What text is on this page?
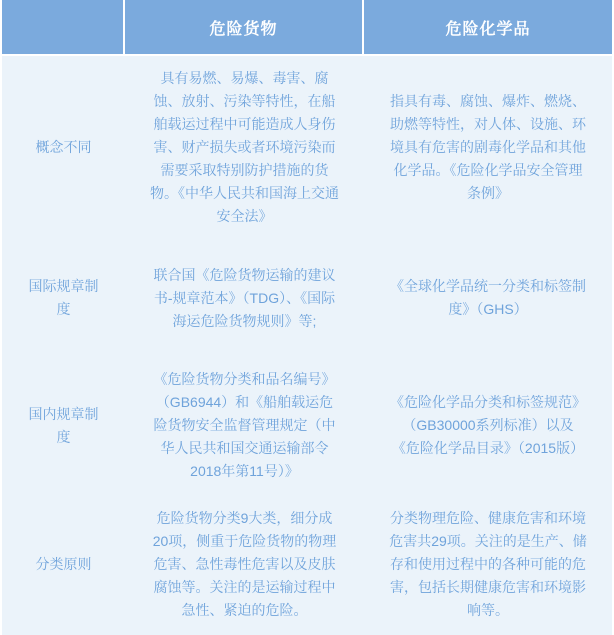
危险货物	危险化学品
概念不同
具有易燃、易爆、毒害、腐蚀、放射、污染等特性，在船舶载运过程中可能造成人身伤害、财产损失或者环境污染而需要采取特别防护措施的货物。《中华人民共和国海上交通安全法》
指具有毒、腐蚀、爆炸、燃烧、助燃等特性，对人体、设施、环境具有危害的剧毒化学品和其他化学品。《危险化学品安全管理条例》
国际规章制度
联合国《危险货物运输的建议书-规章范本》（TDG）、《国际海运危险货物规则》等;
《全球化学品统一分类和标签制度》（GHS）
国内规章制度
《危险货物分类和品名编号》（GB6944）和《船舶载运危险货物安全监督管理规定（中华人民共和国交通运输部令2018年第11号）》
《危险化学品分类和标签规范》（GB30000系列标准）以及《危险化学品目录》（2015版）
分类原则
危险货物分类9大类，细分成20项，侧重于危险货物的物理危害、急性毒性危害以及皮肤腐蚀等。关注的是运输过程中急性、紧迫的危险。
分类物理危险、健康危害和环境危害共29项。关注的是生产、储存和使用过程中的各种可能的危害，包括长期健康危害和环境影响等。
